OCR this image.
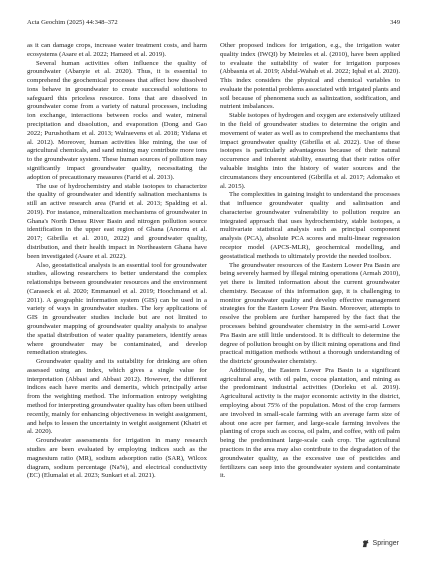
Acta Geochim (2025) 44:348–372	349

as it can damage crops, increase water treatment costs, and harm ecosystems (Asare et al. 2022; Hameed et al. 2019).

Several human activities often influence the quality of groundwater (Abanyie et al. 2020). Thus, it is essential to comprehend the geochemical processes that affect how dissolved ions behave in groundwater to create successful solutions to safeguard this priceless resource. Ions that are dissolved in groundwater come from a variety of natural processes, including ion exchange, interactions between rocks and water, mineral precipitation and dissolution, and evaporation (Dong and Gao 2022; Purushotham et al. 2013; Walraevens et al. 2018; Yidana et al. 2012). Moreover, human activities like mining, the use of agricultural chemicals, and sand mining may contribute more ions to the groundwater system. These human sources of pollution may significantly impact groundwater quality, necessitating the adoption of precautionary measures (Farid et al. 2013).

The use of hydrochemistry and stable isotopes to characterize the quality of groundwater and identify salination mechanisms is still an active research area (Farid et al. 2013; Spalding et al. 2019). For instance, mineralization mechanisms of groundwater in Ghana's North Densu River Basin and nitrogen pollution source identification in the upper east region of Ghana (Anornu et al. 2017; Gibrilla et al. 2010, 2022) and groundwater quality, distribution, and their health impact in Northeastern Ghana have been investigated (Asare et al. 2022).

Also, geostatistical analysis is an essential tool for groundwater studies, allowing researchers to better understand the complex relationships between groundwater resources and the environment (Caraseck et al. 2020; Emmanuel et al. 2019; Hoochmand et al. 2011). A geographic information system (GIS) can be used in a variety of ways in groundwater studies. The key applications of GIS in groundwater studies include but are not limited to groundwater mapping of groundwater quality analysis to analyse the spatial distribution of water quality parameters, identify areas where groundwater may be contaminated, and develop remediation strategies.

Groundwater quality and its suitability for drinking are often assessed using an index, which gives a single value for interpretation (Abbasi and Abbasi 2012). However, the different indices each have merits and demerits, which principally arise from the weighting method. The information entropy weighting method for interpreting groundwater quality has often been utilised recently, mainly for enhancing objectiveness in weight assignment, and helps to lessen the uncertainty in weight assignment (Khatri et al. 2020).

Groundwater assessments for irrigation in many research studies are been evaluated by employing indices such as the magnesium ratio (MR), sodium adsorption ratio (SAR), Wilcox diagram, sodium percentage (Na%), and electrical conductivity (EC) (Elumalai et al. 2023; Sunkari et al. 2021).

Other proposed indices for irrigation, e.g., the irrigation water quality index (IWQI) by Meireles et al. (2010), have been applied to evaluate the suitability of water for irrigation purposes (Abbasnia et al. 2019; Abdul-Wahab et al. 2022; Iqbal et al. 2020). This index considers the physical and chemical variables to evaluate the potential problems associated with irrigated plants and soil because of phenomena such as salinization, sodification, and nutrient imbalances.

Stable isotopes of hydrogen and oxygen are extensively utilized in the field of groundwater studies to determine the origin and movement of water as well as to comprehend the mechanisms that impact groundwater quality (Gibrilla et al. 2022). Use of these isotopes is particularly advantageous because of their natural occurrence and inherent stability, ensuring that their ratios offer valuable insights into the history of water sources and the circumstances they encountered (Gibrilla et al. 2017; Adomako et al. 2015).

The complexities in gaining insight to understand the processes that influence groundwater quality and salinisation and characterise groundwater vulnerability to pollution require an integrated approach that uses hydrochemistry, stable isotopes, a multivariate statistical analysis such as principal component analysis (PCA), absolute PCA scores and multi-linear regression receptor model (APCS-MLR), geochemical modelling, and geostatistical methods to ultimately provide the needed toolbox.

The groundwater resources of the Eastern Lower Pra Basin are being severely harmed by illegal mining operations (Armah 2010), yet there is limited information about the current groundwater chemistry. Because of this information gap, it is challenging to monitor groundwater quality and develop effective management strategies for the Eastern Lower Pra Basin. Moreover, attempts to resolve the problem are further hampered by the fact that the processes behind groundwater chemistry in the semi-arid Lower Pra Basin are still little understood. It is difficult to determine the degree of pollution brought on by illicit mining operations and find practical mitigation methods without a thorough understanding of the districts' groundwater chemistry.

Additionally, the Eastern Lower Pra Basin is a significant agricultural area, with oil palm, cocoa plantation, and mining as the predominant industrial activities (Dorleku et al. 2019). Agricultural activity is the major economic activity in the district, employing about 75% of the population. Most of the crop farmers are involved in small-scale farming with an average farm size of about one acre per farmer, and large-scale farming involves the planting of crops such as cocoa, oil palm, and coffee, with oil palm being the predominant large-scale cash crop. The agricultural practices in the area may also contribute to the degradation of the groundwater quality, as the excessive use of pesticides and fertilizers can seep into the groundwater system and contaminate it.

Springer
